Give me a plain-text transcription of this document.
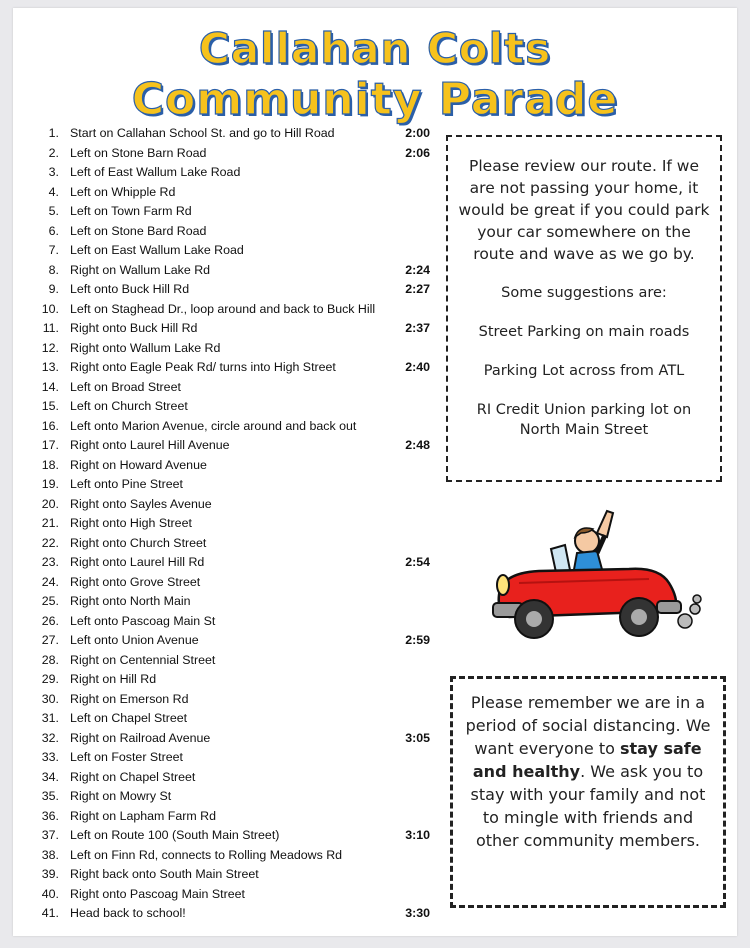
Callahan Colts
Community Parade
1. Start on Callahan School St. and go to Hill Road	2:00
2. Left on Stone Barn Road	2:06
3. Left of East Wallum Lake Road
4. Left on Whipple Rd
5. Left on Town Farm Rd
6. Left on Stone Bard Road
7. Left on East Wallum Lake Road
8. Right on Wallum Lake Rd	2:24
9. Left onto Buck Hill Rd	2:27
10. Left on Staghead Dr., loop around and back to Buck Hill
11. Right onto Buck Hill Rd	2:37
12. Right onto Wallum Lake Rd
13. Right onto Eagle Peak Rd/ turns into High Street	2:40
14. Left on Broad Street
15. Left on Church Street
16. Left onto Marion Avenue, circle around and back out
17. Right onto Laurel Hill Avenue	2:48
18. Right on Howard Avenue
19. Left onto Pine Street
20. Right onto Sayles Avenue
21. Right onto High Street
22. Right onto Church Street
23. Right onto Laurel Hill Rd	2:54
24. Right onto Grove Street
25. Right onto North Main
26. Left onto Pascoag Main St
27. Left onto Union Avenue	2:59
28. Right on Centennial Street
29. Right on Hill Rd
30. Right on Emerson Rd
31. Left on Chapel Street
32. Right on Railroad Avenue	3:05
33. Left on Foster Street
34. Right on Chapel Street
35. Right on Mowry St
36. Right on Lapham Farm Rd
37. Left on Route 100 (South Main Street)	3:10
38. Left on Finn Rd, connects to Rolling Meadows Rd
39. Right back onto South Main Street
40. Right onto Pascoag Main Street
41. Head back to school!	3:30

Please review our route. If we are not passing your home, it would be great if you could park your car somewhere on the route and wave as we go by.

Some suggestions are:

Street Parking on main roads

Parking Lot across from ATL

RI Credit Union parking lot on North Main Street

Please remember we are in a period of social distancing. We want everyone to stay safe and healthy. We ask you to stay with your family and not to mingle with friends and other community members.
